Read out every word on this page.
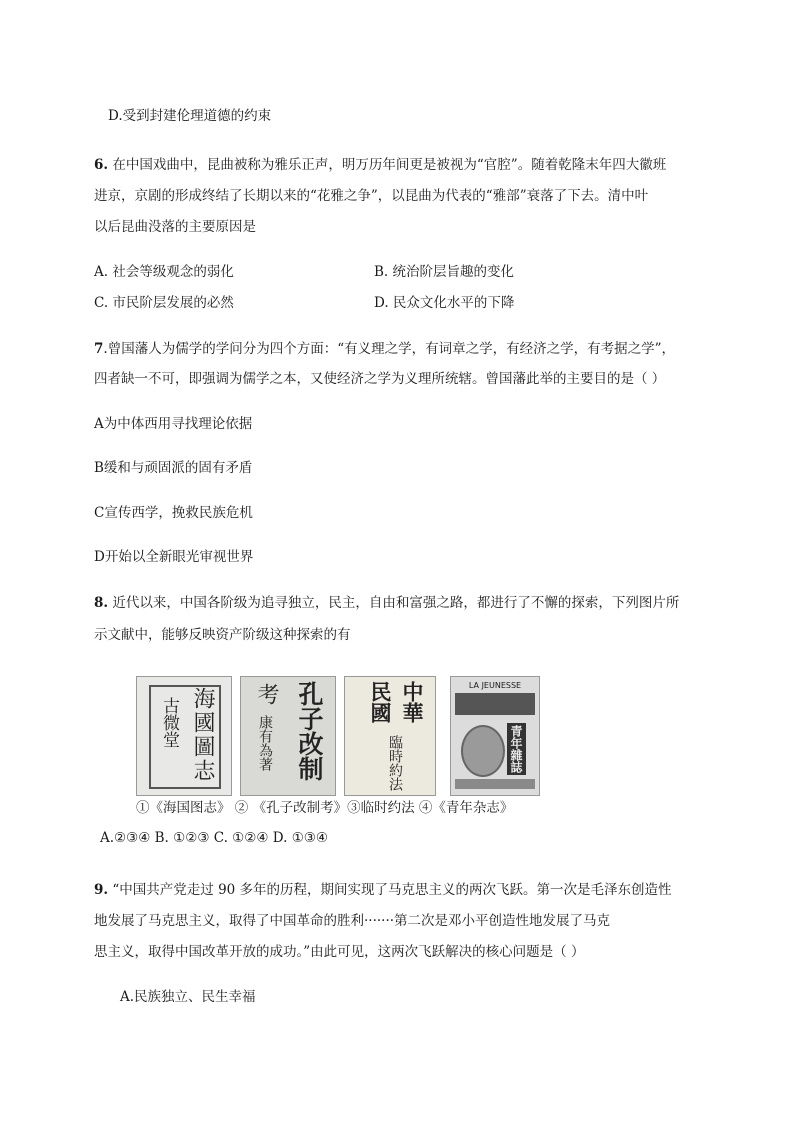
D.受到封建伦理道德的约束
6. 在中国戏曲中，昆曲被称为雅乐正声，明万历年间更是被视为“官腔”。随着乾隆末年四大徽班
进京，京剧的形成终结了长期以来的“花雅之争”，以昆曲为代表的“雅部”衰落了下去。清中叶
以后昆曲没落的主要原因是
A. 社会等级观念的弱化	B. 统治阶层旨趣的变化
C. 市民阶层发展的必然	D. 民众文化水平的下降
7.曾国藩人为儒学的学问分为四个方面：“有义理之学，有词章之学，有经济之学，有考据之学”，
四者缺一不可，即强调为儒学之本，又使经济之学为义理所统辖。曾国藩此举的主要目的是（ ）
A为中体西用寻找理论依据
B缓和与顽固派的固有矛盾
C宣传西学，挽救民族危机
D开始以全新眼光审视世界
8. 近代以来，中国各阶级为追寻独立，民主，自由和富强之路，都进行了不懈的探索，下列图片所
示文献中，能够反映资产阶级这种探索的有
海國圖志
古微堂
考 孔子改制
康有為著
中華
民國
臨時約法
LA JEUNESSE
青年雜誌
①《海国图志》 ② 《孔子改制考》③临时约法 ④《青年杂志》
A.②③④ B. ①②③ C. ①②④ D. ①③④
9. “中国共产党走过 90 多年的历程，期间实现了马克思主义的两次飞跃。第一次是毛泽东创造性
地发展了马克思主义，取得了中国革命的胜利·······第二次是邓小平创造性地发展了马克
思主义，取得中国改革开放的成功。”由此可见，这两次飞跃解决的核心问题是（ ）
A.民族独立、民生幸福
